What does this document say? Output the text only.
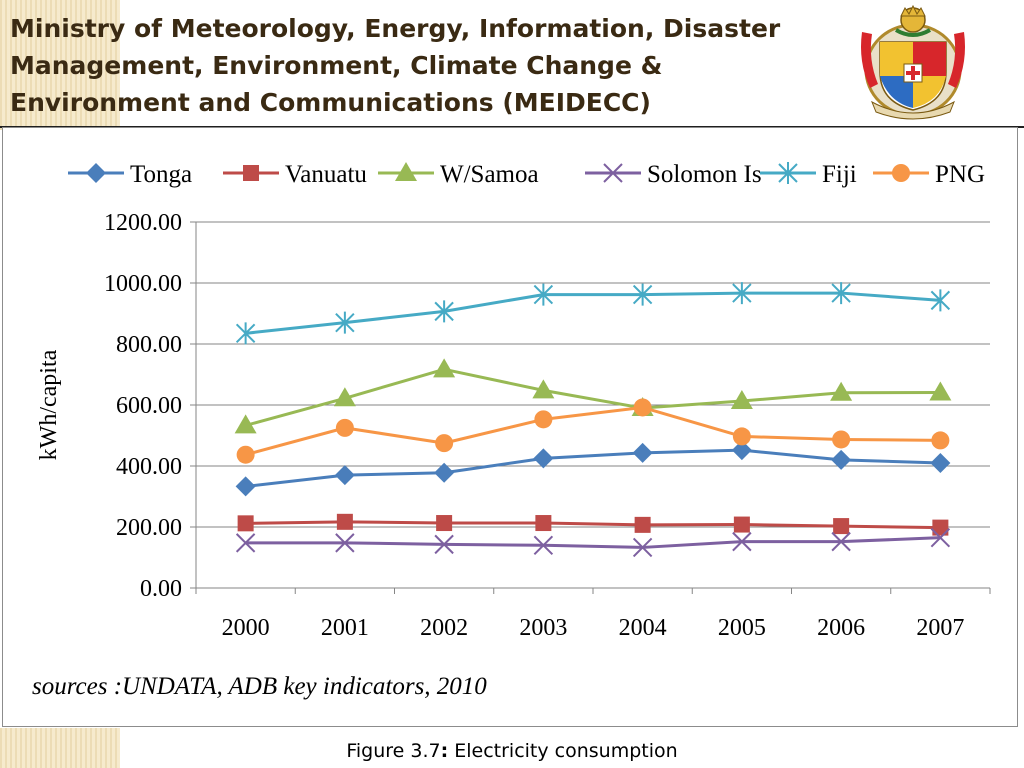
Ministry of Meteorology, Energy, Information, Disaster Management, Environment, Climate Change & Environment and Communications (MEIDECC)
0.00
200.00
400.00
600.00
800.00
1000.00
1200.00
2000 2001 2002 2003 2004 2005 2006 2007
kWh/capita
Tonga	Vanuatu	W/Samoa	Solomon Is Fiji	PNG
sources :UNDATA, ADB key indicators, 2010
Figure 3.7: Electricity consumption
